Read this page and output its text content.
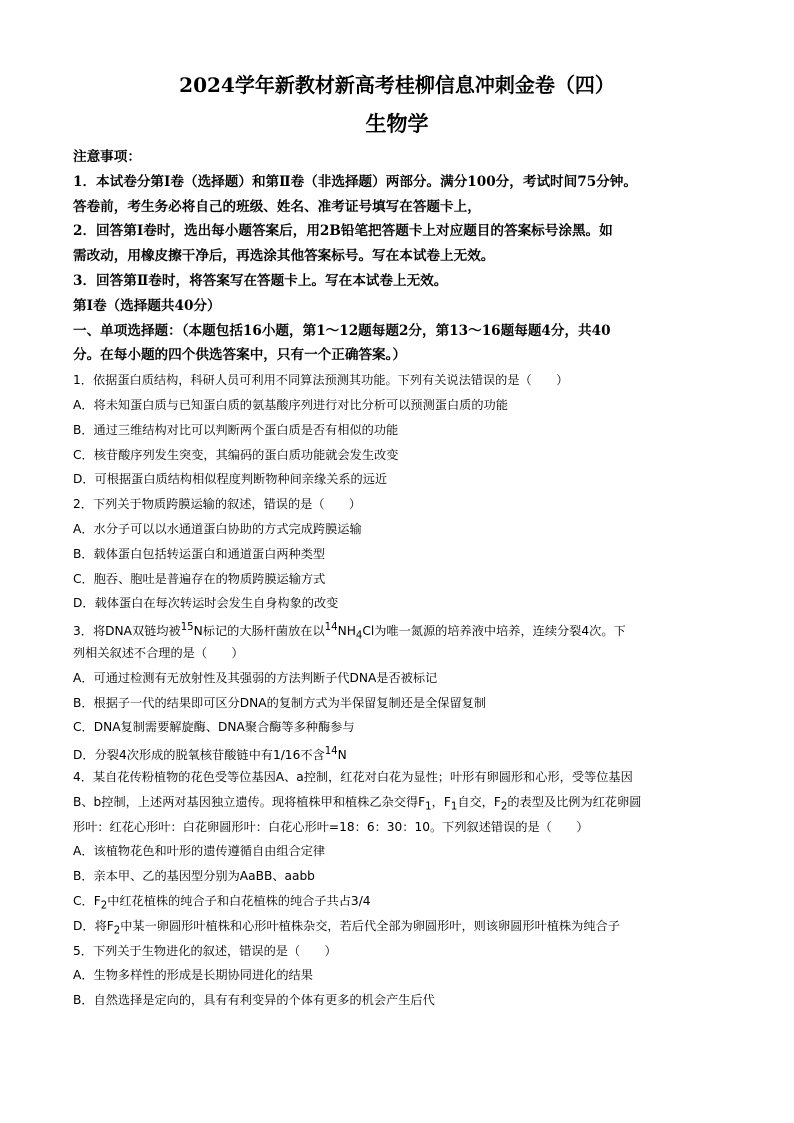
2024学年新教材新高考桂柳信息冲刺金卷（四）
生物学
注意事项：
1．本试卷分第Ⅰ卷（选择题）和第Ⅱ卷（非选择题）两部分。满分100分，考试时间75分钟。
答卷前，考生务必将自己的班级、姓名、准考证号填写在答题卡上，
2．回答第Ⅰ卷时，选出每小题答案后，用2B铅笔把答题卡上对应题目的答案标号涂黑。如
需改动，用橡皮擦干净后，再选涂其他答案标号。写在本试卷上无效。
3．回答第Ⅱ卷时，将答案写在答题卡上。写在本试卷上无效。
第Ⅰ卷（选择题共40分）
一、单项选择题：（本题包括16小题，第1～12题每题2分，第13～16题每题4分，共40
分。在每小题的四个供选答案中，只有一个正确答案。）
1．依据蛋白质结构，科研人员可利用不同算法预测其功能。下列有关说法错误的是（　　）
A．将未知蛋白质与已知蛋白质的氨基酸序列进行对比分析可以预测蛋白质的功能
B．通过三维结构对比可以判断两个蛋白质是否有相似的功能
C．核苷酸序列发生突变，其编码的蛋白质功能就会发生改变
D．可根据蛋白质结构相似程度判断物种间亲缘关系的远近
2．下列关于物质跨膜运输的叙述，错误的是（　　）
A．水分子可以以水通道蛋白协助的方式完成跨膜运输
B．载体蛋白包括转运蛋白和通道蛋白两种类型
C．胞吞、胞吐是普遍存在的物质跨膜运输方式
D．载体蛋白在每次转运时会发生自身构象的改变
3．将DNA双链均被$^{15}$N标记的大肠杆菌放在以$^{14}NH_4Cl$为唯一氮源的培养液中培养，连续分裂4次。下
列相关叙述不合理的是（　　）
A．可通过检测有无放射性及其强弱的方法判断子代DNA是否被标记
B．根据子一代的结果即可区分DNA的复制方式为半保留复制还是全保留复制
C．DNA复制需要解旋酶、DNA聚合酶等多种酶参与
D．分裂4次形成的脱氧核苷酸链中有1/16不含$^{14}$N
4．某自花传粉植物的花色受等位基因A、a控制，红花对白花为显性；叶形有卵圆形和心形，受等位基因
B、b控制，上述两对基因独立遗传。现将植株甲和植株乙杂交得$F_1$，$F_1$自交，$F_2$的表型及比例为红花卵圆
形叶：红花心形叶：白花卵圆形叶：白花心形叶=18：6：30：10。下列叙述错误的是（　　）
A．该植物花色和叶形的遗传遵循自由组合定律
B．亲本甲、乙的基因型分别为AaBB、aabb
C．$F_2$中红花植株的纯合子和白花植株的纯合子共占3/4
D．将$F_2$中某一卵圆形叶植株和心形叶植株杂交，若后代全部为卵圆形叶，则该卵圆形叶植株为纯合子
5．下列关于生物进化的叙述，错误的是（　　）
A．生物多样性的形成是长期协同进化的结果
B．自然选择是定向的，具有有利变异的个体有更多的机会产生后代
